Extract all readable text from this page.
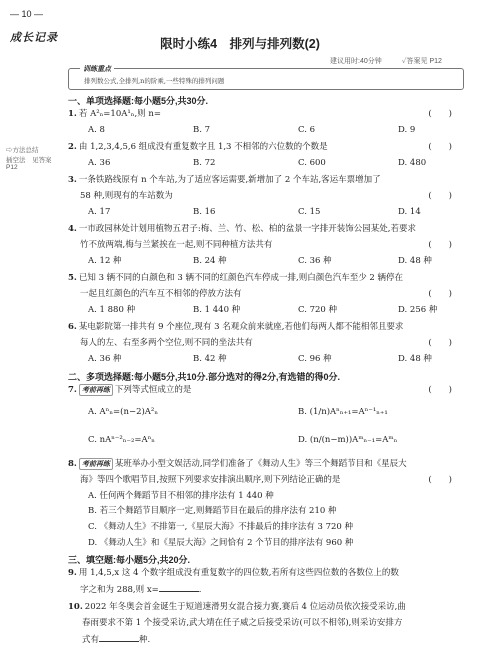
— 10 —
成长记录	限时小练4　排列与排列数(2)
建议用时:40分钟	✓答案见 P12
训练重点
排列数公式,全排列,n的阶乘,一些特殊的排列问题
⇨方法总结
插空法　见答案
P12
一、单项选择题:每小题5分,共30分.
1. 若 A²ₙ=10A¹ₙ,则 n=
A. 8	B. 7	C. 6	D. 9
(　　)
2. 由 1,2,3,4,5,6 组成没有重复数字且 1,3 不相邻的六位数的个数是
A. 36	B. 72	C. 600	D. 480
(　　)
3. 一条铁路线原有 n 个车站,为了适应客运需要,新增加了 2 个车站,客运车票增加了
58 种,则现有的车站数为
A. 17	B. 16	C. 15	D. 14
(　　)
4. 一市政园林处计划用植物五君子:梅、兰、竹、松、柏的盆景一字排开装饰公园某处,若要求
竹不放两端,梅与兰紧挨在一起,则不同种植方法共有
A. 12 种	B. 24 种	C. 36 种	D. 48 种
(　　)
5. 已知 3 辆不同的白颜色和 3 辆不同的红颜色汽车停成一排,则白颜色汽车至少 2 辆停在
一起且红颜色的汽车互不相邻的停放方法有
A. 1 880 种	B. 1 440 种	C. 720 种	D. 256 种
(　　)
6. 某电影院第一排共有 9 个座位,现有 3 名观众前来就座,若他们每两人都不能相邻且要求
每人的左、右至多两个空位,则不同的坐法共有
A. 36 种	B. 42 种	C. 96 种	D. 48 种
(　　)
二、多项选择题:每小题5分,共10分.部分选对的得2分,有选错的得0分.
7. 考前再练 下列等式恒成立的是
A. Aⁿₙ=(n−2)A²ₙ	B. (1/n)Aⁿₙ₊₁=Aⁿ⁻¹ₙ₊₁
C. nAⁿ⁻²ₙ₋₂=Aⁿₙ	D. (n/(n−m))Aᵐₙ₋₁=Aᵐₙ
(　　)
8. 考前再练 某班举办小型文娱活动,同学们准备了《舞动人生》等三个舞蹈节目和《星辰大
海》等四个歌唱节目,按照下列要求安排演出顺序,则下列结论正确的是
A. 任何两个舞蹈节目不相邻的排序法有 1 440 种
B. 若三个舞蹈节目顺序一定,则舞蹈节目在最后的排序法有 210 种
C. 《舞动人生》不排第一,《星辰大海》不排最后的排序法有 3 720 种
D. 《舞动人生》和《星辰大海》之间恰有 2 个节目的排序法有 960 种
(　　)
三、填空题:每小题5分,共20分.
9. 用 1,4,5,x 这 4 个数字组成没有重复数字的四位数,若所有这些四位数的各数位上的数
字之和为 288,则 x=	.
10. 2022 年冬奥会首金诞生于短道速滑男女混合接力赛,赛后 4 位运动员依次接受采访,曲
春雨要求不第 1 个接受采访,武大靖在任子威之后接受采访(可以不相邻),则采访安排方
式有	种.
